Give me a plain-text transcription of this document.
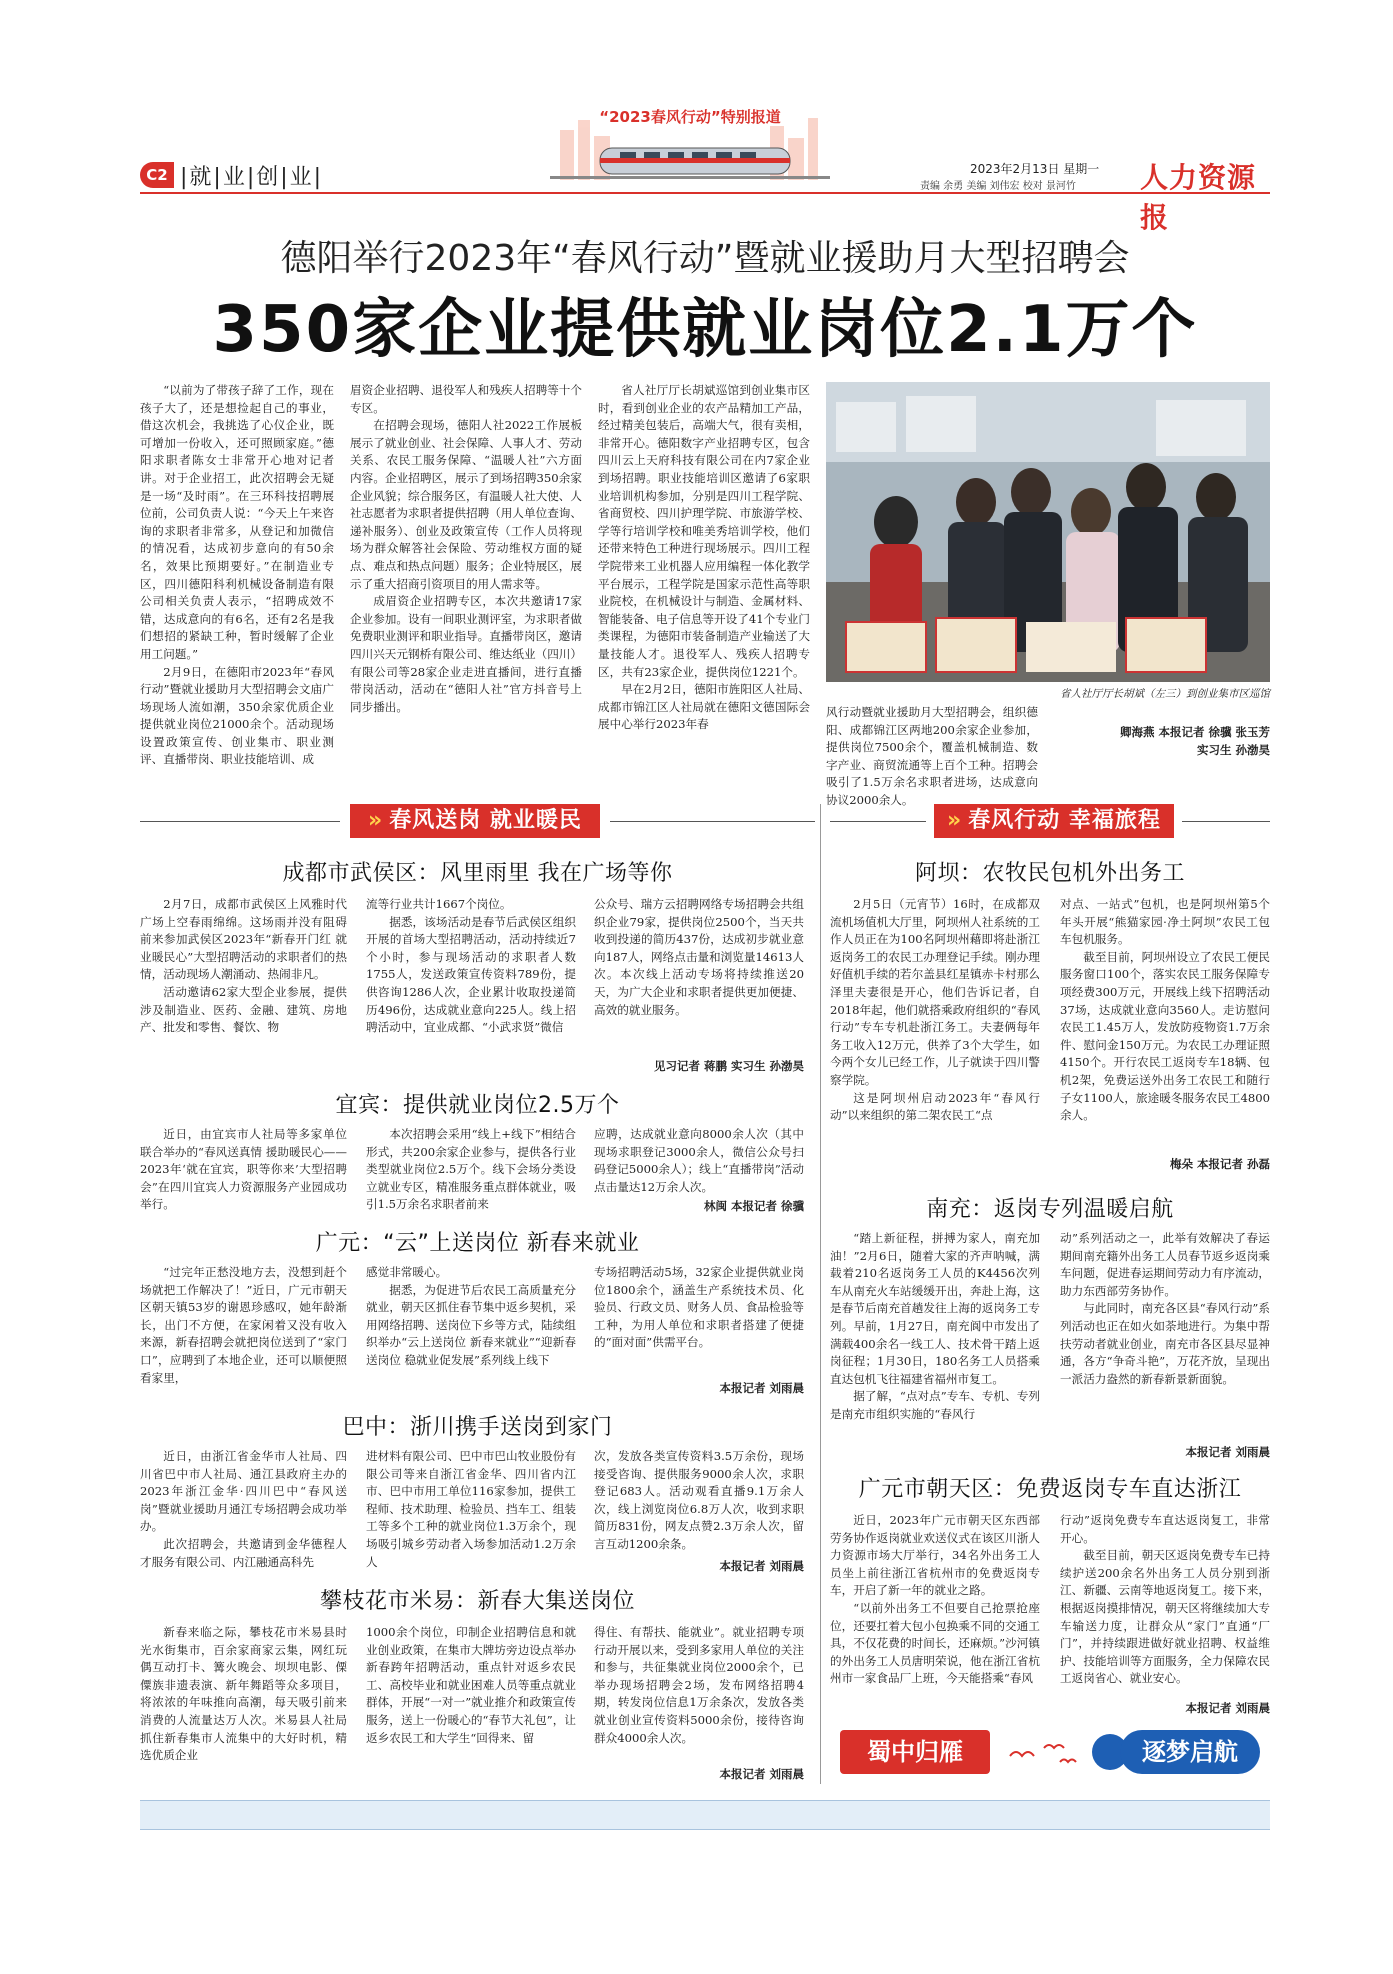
C2 |就|业|创|业|
“2023春风行动”特别报道
2023年2月13日 星期一
责编 余勇 美编 刘伟宏 校对 景河竹 人力资源报
德阳举行2023年“春风行动”暨就业援助月大型招聘会
350家企业提供就业岗位2.1万个

“以前为了带孩子辞了工作，现在孩子大了，还是想捡起自己的事业，借这次机会，我挑选了心仪企业，既可增加一份收入，还可照顾家庭。”德阳求职者陈女士非常开心地对记者讲。对于企业招工，此次招聘会无疑是一场“及时雨”。在三环科技招聘展位前，公司负责人说：“今天上午来咨询的求职者非常多，从登记和加微信的情况看，达成初步意向的有50余名，效果比预期要好。”在制造业专区，四川德阳科利机械设备制造有限公司相关负责人表示，“招聘成效不错，达成意向的有6名，还有2名是我们想招的紧缺工种，暂时缓解了企业用工问题。”

2月9日，在德阳市2023年“春风行动”暨就业援助月大型招聘会文庙广场现场人流如潮，350余家优质企业提供就业岗位21000余个。活动现场设置政策宣传、创业集市、职业测评、直播带岗、职业技能培训、成

眉资企业招聘、退役军人和残疾人招聘等十个专区。

在招聘会现场，德阳人社2022工作展板展示了就业创业、社会保障、人事人才、劳动关系、农民工服务保障、“温暖人社”六方面内容。企业招聘区，展示了到场招聘350余家企业风貌；综合服务区，有温暖人社大使、人社志愿者为求职者提供招聘（用人单位查询、递补服务）、创业及政策宣传（工作人员将现场为群众解答社会保险、劳动维权方面的疑点、难点和热点问题）服务；企业特展区，展示了重大招商引资项目的用人需求等。

成眉资企业招聘专区，本次共邀请17家企业参加。设有一间职业测评室，为求职者做免费职业测评和职业指导。直播带岗区，邀请四川兴天元钢桥有限公司、维达纸业（四川）有限公司等28家企业走进直播间，进行直播带岗活动，活动在“德阳人社”官方抖音号上同步播出。

省人社厅厅长胡斌巡馆到创业集市区时，看到创业企业的农产品精加工产品，经过精美包装后，高端大气，很有卖相，非常开心。德阳数字产业招聘专区，包含四川云上天府科技有限公司在内7家企业到场招聘。职业技能培训区邀请了6家职业培训机构参加，分别是四川工程学院、省商贸校、四川护理学院、市旅游学校、学等行培训学校和唯美秀培训学校，他们还带来特色工种进行现场展示。四川工程学院带来工业机器人应用编程一体化教学平台展示，工程学院是国家示范性高等职业院校，在机械设计与制造、金属材料、智能装备、电子信息等开设了41个专业门类课程，为德阳市装备制造产业输送了大量技能人才。退役军人、残疾人招聘专区，共有23家企业，提供岗位1221个。

早在2月2日，德阳市旌阳区人社局、成都市锦江区人社局就在德阳文德国际会展中心举行2023年春

省人社厅厅长胡斌（左三）到创业集市区巡馆

风行动暨就业援助月大型招聘会，组织德阳、成都锦江区两地200余家企业参加，提供岗位7500余个，覆盖机械制造、数字产业、商贸流通等上百个工种。招聘会吸引了1.5万余名求职者进场，达成意向协议2000余人。

卿海燕 本报记者 徐骥 张玉芳
实习生 孙渤昊
» 春风送岗 就业暖民
成都市武侯区：风里雨里 我在广场等你

2月7日，成都市武侯区上风雅时代广场上空春雨绵绵。这场雨并没有阻碍前来参加武侯区2023年“新春开门红 就业暖民心”大型招聘活动的求职者们的热情，活动现场人潮涌动、热闹非凡。

活动邀请62家大型企业参展，提供涉及制造业、医药、金融、建筑、房地产、批发和零售、餐饮、物

流等行业共计1667个岗位。

据悉，该场活动是春节后武侯区组织开展的首场大型招聘活动，活动持续近7个小时，参与现场活动的求职者人数1755人，发送政策宣传资料789份，提供咨询1286人次，企业累计收取投递简历496份，达成就业意向225人。线上招聘活动中，宜业成都、“小武求贤”微信

公众号、瑞方云招聘网络专场招聘会共组织企业79家，提供岗位2500个，当天共收到投递的简历437份，达成初步就业意向187人，网络点击量和浏览量14613人次。本次线上活动专场将持续推送20天，为广大企业和求职者提供更加便捷、高效的就业服务。

见习记者 蒋鹏 实习生 孙渤昊
宜宾：提供就业岗位2.5万个

近日，由宜宾市人社局等多家单位联合举办的“春风送真情 援助暖民心——2023年‘就在宜宾，职等你来’大型招聘会”在四川宜宾人力资源服务产业园成功举行。

本次招聘会采用“线上+线下”相结合形式，共200余家企业参与，提供各行业类型就业岗位2.5万个。线下会场分类设立就业专区，精准服务重点群体就业，吸引1.5万余名求职者前来

应聘，达成就业意向8000余人次（其中现场求职登记3000余人，微信公众号扫码登记5000余人）；线上“直播带岗”活动点击量达12万余人次。

林闽 本报记者 徐骥
广元：“云”上送岗位 新春来就业

“过完年正愁没地方去，没想到赶个场就把工作解决了！”近日，广元市朝天区朝天镇53岁的谢恩珍感叹，她年龄渐长，出门不方便，在家闲着又没有收入来源，新春招聘会就把岗位送到了“家门口”，应聘到了本地企业，还可以顺便照看家里，

感觉非常暖心。

据悉，为促进节后农民工高质量充分就业，朝天区抓住春节集中返乡契机，采用网络招聘、送岗位下乡等方式，陆续组织举办“云上送岗位 新春来就业”“迎新春送岗位 稳就业促发展”系列线上线下

专场招聘活动5场，32家企业提供就业岗位1800余个，涵盖生产系统技术员、化验员、行政文员、财务人员、食品检验等工种，为用人单位和求职者搭建了便捷的“面对面”供需平台。

本报记者 刘雨晨
巴中：浙川携手送岗到家门

近日，由浙江省金华市人社局、四川省巴中市人社局、通江县政府主办的2023年浙江金华·四川巴中“春风送岗”暨就业援助月通江专场招聘会成功举办。

此次招聘会，共邀请到金华德程人才服务有限公司、内江融通高科先

进材料有限公司、巴中市巴山牧业股份有限公司等来自浙江省金华、四川省内江市、巴中市用工单位116家参加，提供工程师、技术助理、检验员、挡车工、组装工等多个工种的就业岗位1.3万余个，现场吸引城乡劳动者入场参加活动1.2万余人

次，发放各类宣传资料3.5万余份，现场接受咨询、提供服务9000余人次，求职登记683人。活动观看直播9.1万余人次，线上浏览岗位6.8万人次，收到求职简历831份，网友点赞2.3万余人次，留言互动1200余条。

本报记者 刘雨晨
攀枝花市米易：新春大集送岗位

新春来临之际，攀枝花市米易县时光水街集市，百余家商家云集，网红玩偶互动打卡、篝火晚会、坝坝电影、傈僳族非遗表演、新年舞蹈等众多项目，将浓浓的年味推向高潮，每天吸引前来消费的人流量达万人次。米易县人社局抓住新春集市人流集中的大好时机，精选优质企业

1000余个岗位，印制企业招聘信息和就业创业政策，在集市大牌坊旁边设点举办新春跨年招聘活动，重点针对返乡农民工、高校毕业和就业困难人员等重点就业群体，开展“一对一”就业推介和政策宣传服务，送上一份暖心的“春节大礼包”，让返乡农民工和大学生“回得来、留

得住、有帮扶、能就业”。就业招聘专项行动开展以来，受到多家用人单位的关注和参与，共征集就业岗位2000余个，已举办现场招聘会2场，发布网络招聘4期，转发岗位信息1万余条次，发放各类就业创业宣传资料5000余份，接待咨询群众4000余人次。

本报记者 刘雨晨
» 春风行动 幸福旅程
阿坝：农牧民包机外出务工

2月5日（元宵节）16时，在成都双流机场值机大厅里，阿坝州人社系统的工作人员正在为100名阿坝州藉即将赴浙江返岗务工的农民工办理登记手续。刚办理好值机手续的若尔盖县红星镇赤卡村那么泽里夫妻很是开心，他们告诉记者，自2018年起，他们就搭乘政府组织的“春风行动”专车专机赴浙江务工。夫妻俩每年务工收入12万元，供养了3个大学生，如今两个女儿已经工作，儿子就读于四川警察学院。

这是阿坝州启动2023年“春风行动”以来组织的第二架农民工“点

对点、一站式”包机，也是阿坝州第5个年头开展“熊猫家园·净土阿坝”农民工包车包机服务。

截至目前，阿坝州设立了农民工便民服务窗口100个，落实农民工服务保障专项经费300万元，开展线上线下招聘活动37场，达成就业意向3560人。走访慰问农民工1.45万人，发放防疫物资1.7万余件、慰问金150万元。为农民工办理证照4150个。开行农民工返岗专车18辆、包机2架，免费运送外出务工农民工和随行子女1100人，旅途暖冬服务农民工4800余人。

梅朵 本报记者 孙磊
南充：返岗专列温暖启航

“踏上新征程，拼搏为家人，南充加油！”2月6日，随着大家的齐声呐喊，满载着210名返岗务工人员的K4456次列车从南充火车站缓缓开出，奔赴上海，这是春节后南充首趟发往上海的返岗务工专列。早前，1月27日，南充阆中市发出了满载400余名一线工人、技术骨干踏上返岗征程；1月30日，180名务工人员搭乘直达包机飞往福建省福州市复工。

据了解，“点对点”专车、专机、专列是南充市组织实施的“春风行

动”系列活动之一，此举有效解决了春运期间南充籍外出务工人员春节返乡返岗乘车问题，促进春运期间劳动力有序流动，助力东西部劳务协作。

与此同时，南充各区县“春风行动”系列活动也正在如火如荼地进行。为集中帮扶劳动者就业创业，南充市各区县尽显神通，各方“争奇斗艳”，万花齐放，呈现出一派活力盎然的新春新景新面貌。

本报记者 刘雨晨
广元市朝天区：免费返岗专车直达浙江

近日，2023年广元市朝天区东西部劳务协作返岗就业欢送仪式在该区川浙人力资源市场大厅举行，34名外出务工人员坐上前往浙江省杭州市的免费返岗专车，开启了新一年的就业之路。

“以前外出务工不但要自己抢票抢座位，还要扛着大包小包换乘不同的交通工具，不仅花费的时间长，还麻烦。”沙河镇的外出务工人员唐明荣说，他在浙江省杭州市一家食品厂上班，今天能搭乘“春风

行动”返岗免费专车直达返岗复工，非常开心。

截至目前，朝天区返岗免费专车已持续护送200余名外出务工人员分别到浙江、新疆、云南等地返岗复工。接下来，根据返岗摸排情况，朝天区将继续加大专车输送力度，让群众从“家门”直通“厂门”，并持续跟进做好就业招聘、权益维护、技能培训等方面服务，全力保障农民工返岗省心、就业安心。

本报记者 刘雨晨
蜀中归雁	逐梦启航
